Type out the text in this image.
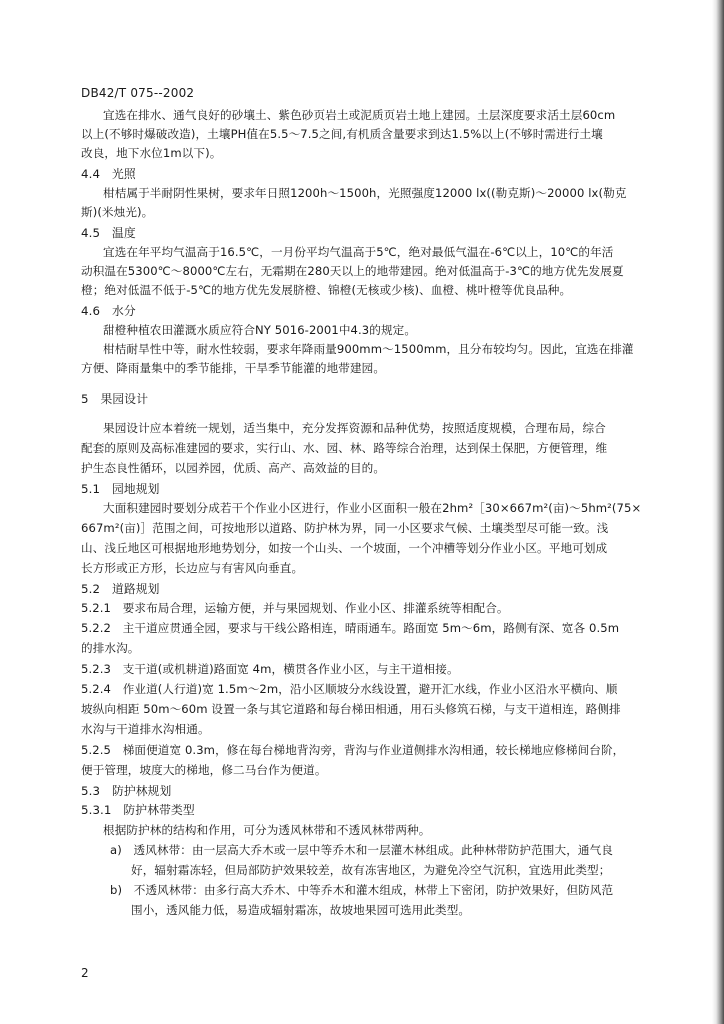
DB42/T 075--2002
宜选在排水、通气良好的砂壤土、紫色砂页岩土或泥质页岩土地上建园。土层深度要求活土层60cm
以上(不够时爆破改造)，土壤PH值在5.5～7.5之间,有机质含量要求到达1.5%以上(不够时需进行土壤
改良，地下水位1m以下)。
4.4　光照
柑桔属于半耐阴性果树，要求年日照1200h～1500h，光照强度12000 lx((勒克斯)～20000 lx(勒克
斯)(米烛光)。
4.5　温度
宜选在年平均气温高于16.5℃，一月份平均气温高于5℃，绝对最低气温在-6℃以上，10℃的年活
动积温在5300℃～8000℃左右，无霜期在280天以上的地带建园。绝对低温高于-3℃的地方优先发展夏
橙；绝对低温不低于-5℃的地方优先发展脐橙、锦橙(无核或少核)、血橙、桃叶橙等优良品种。
4.6　水分
甜橙种植农田灌溉水质应符合NY 5016-2001中4.3的规定。
柑桔耐旱性中等，耐水性较弱，要求年降雨量900mm～1500mm，且分布较均匀。因此，宜选在排灌
方便、降雨量集中的季节能排，干旱季节能灌的地带建园。
5　果园设计
果园设计应本着统一规划，适当集中，充分发挥资源和品种优势，按照适度规模，合理布局，综合
配套的原则及高标准建园的要求，实行山、水、园、林、路等综合治理，达到保土保肥，方便管理，维
护生态良性循环，以园养园，优质、高产、高效益的目的。
5.1　园地规划
大面积建园时要划分成若干个作业小区进行，作业小区面积一般在2hm²［30×667m²(亩)～5hm²(75×
667m²(亩)］范围之间，可按地形以道路、防护林为界，同一小区要求气候、土壤类型尽可能一致。浅
山、浅丘地区可根据地形地势划分，如按一个山头、一个坡面，一个冲槽等划分作业小区。平地可划成
长方形或正方形，长边应与有害风向垂直。
5.2　道路规划
5.2.1　要求布局合理，运输方便，并与果园规划、作业小区、排灌系统等相配合。
5.2.2　主干道应贯通全园，要求与干线公路相连，晴雨通车。路面宽 5m～6m，路侧有深、宽各 0.5m
的排水沟。
5.2.3　支干道(或机耕道)路面宽 4m，横贯各作业小区，与主干道相接。
5.2.4　作业道(人行道)宽 1.5m～2m，沿小区顺坡分水线设置，避开汇水线，作业小区沿水平横向、顺
坡纵向相距 50m～60m 设置一条与其它道路和每台梯田相通，用石头修筑石梯，与支干道相连，路侧排
水沟与干道排水沟相通。
5.2.5　梯面便道宽 0.3m，修在每台梯地背沟旁，背沟与作业道侧排水沟相通，较长梯地应修梯间台阶，
便于管理，坡度大的梯地，修二马台作为便道。
5.3　防护林规划
5.3.1　防护林带类型
根据防护林的结构和作用，可分为透风林带和不透风林带两种。
a)　透风林带：由一层高大乔木或一层中等乔木和一层灌木林组成。此种林带防护范围大，通气良
好，辐射霜冻轻，但局部防护效果较差，故有冻害地区，为避免冷空气沉积，宜选用此类型；
b)　不透风林带：由多行高大乔木、中等乔木和灌木组成，林带上下密闭，防护效果好，但防风范
围小，透风能力低，易造成辐射霜冻，故坡地果园可选用此类型。
2
